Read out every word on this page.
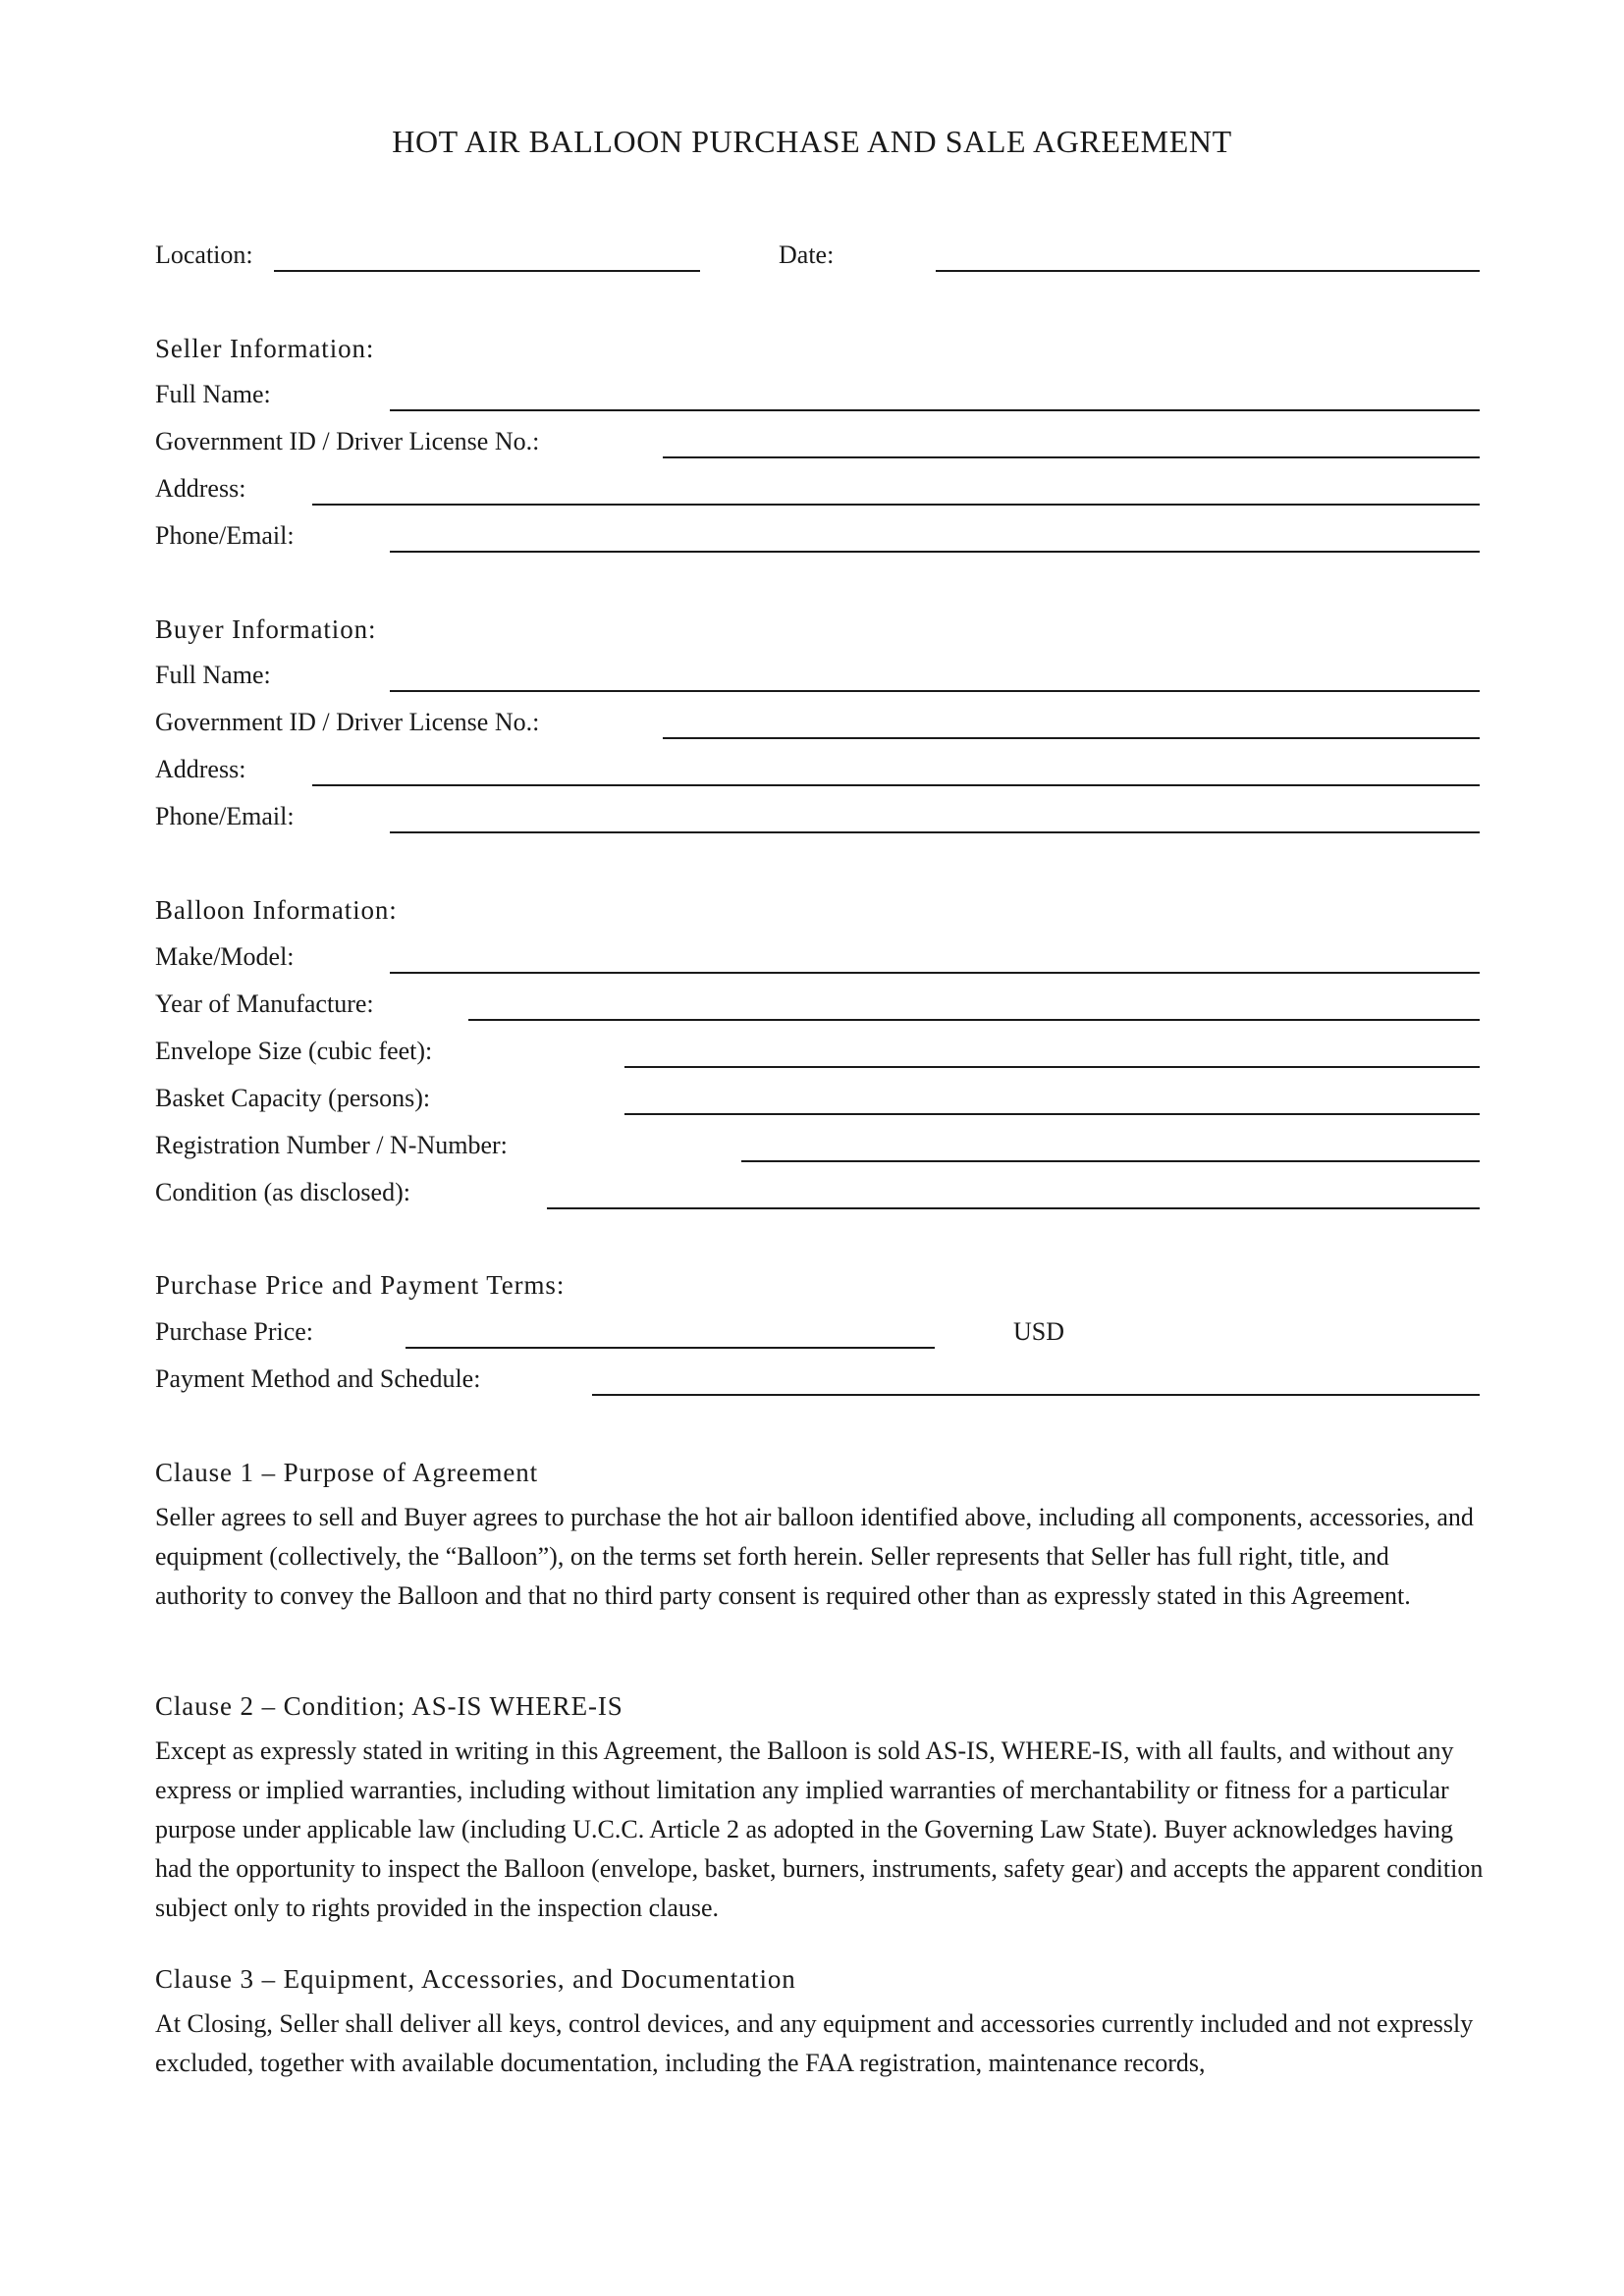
HOT AIR BALLOON PURCHASE AND SALE AGREEMENT
Location:	Date:
Seller Information:
Full Name:
Government ID / Driver License No.:
Address:
Phone/Email:
Buyer Information:
Full Name:
Government ID / Driver License No.:
Address:
Phone/Email:
Balloon Information:
Make/Model:
Year of Manufacture:
Envelope Size (cubic feet):
Basket Capacity (persons):
Registration Number / N-Number:
Condition (as disclosed):
Purchase Price and Payment Terms:
Purchase Price:	USD
Payment Method and Schedule:
Clause 1 – Purpose of Agreement

Seller agrees to sell and Buyer agrees to purchase the hot air balloon identified above, including all components, accessories, and equipment (collectively, the “Balloon”), on the terms set forth herein. Seller represents that Seller has full right, title, and authority to convey the Balloon and that no third party consent is required other than as expressly stated in this Agreement.

Clause 2 – Condition; AS-IS WHERE-IS

Except as expressly stated in writing in this Agreement, the Balloon is sold AS-IS, WHERE-IS, with all faults, and without any express or implied warranties, including without limitation any implied warranties of merchantability or fitness for a particular purpose under applicable law (including U.C.C. Article 2 as adopted in the Governing Law State). Buyer acknowledges having had the opportunity to inspect the Balloon (envelope, basket, burners, instruments, safety gear) and accepts the apparent condition subject only to rights provided in the inspection clause.

Clause 3 – Equipment, Accessories, and Documentation

At Closing, Seller shall deliver all keys, control devices, and any equipment and accessories currently included and not expressly excluded, together with available documentation, including the FAA registration, maintenance records,
